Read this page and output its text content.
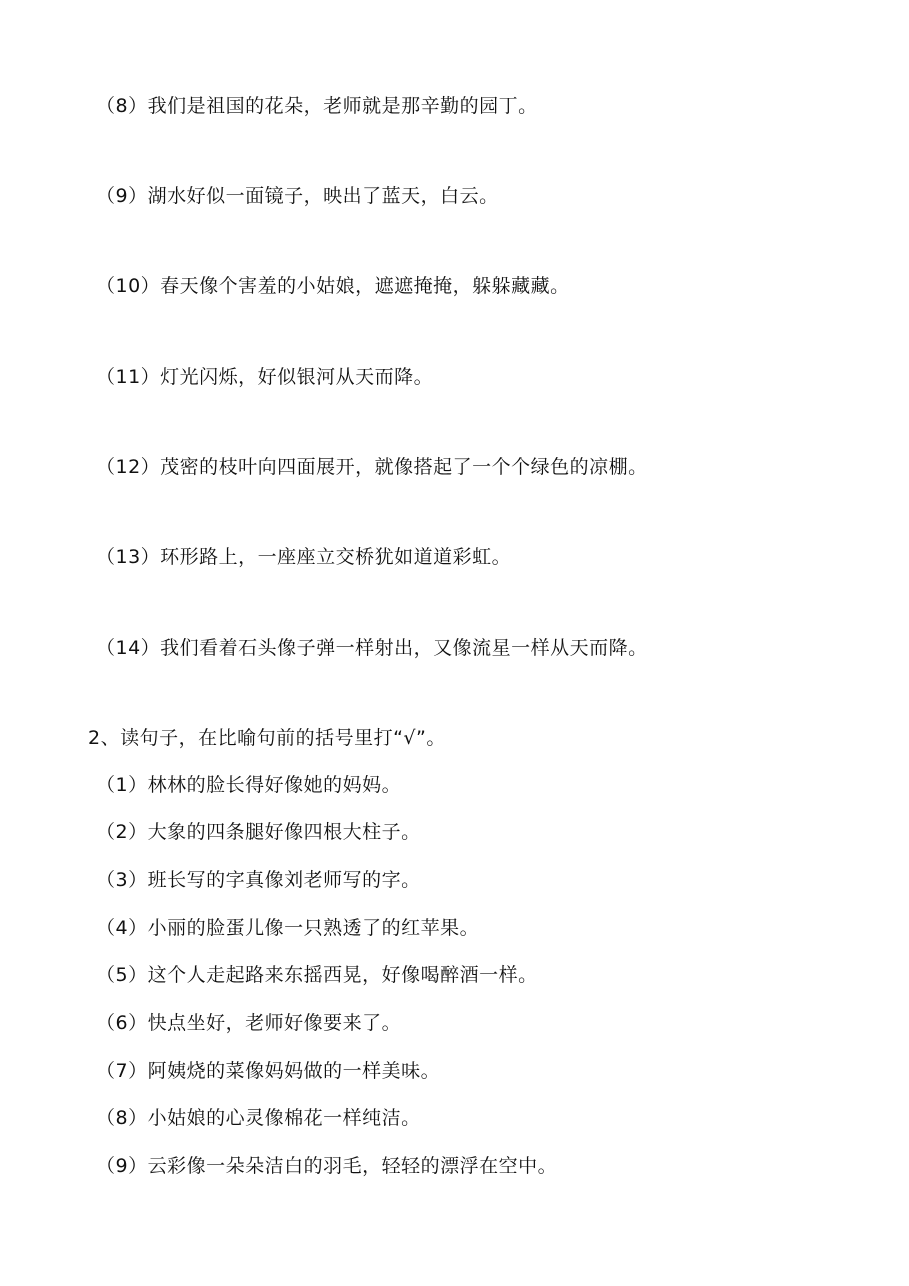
（8）我们是祖国的花朵，老师就是那辛勤的园丁。
（9）湖水好似一面镜子，映出了蓝天，白云。
（10）春天像个害羞的小姑娘，遮遮掩掩，躲躲藏藏。
（11）灯光闪烁，好似银河从天而降。
（12）茂密的枝叶向四面展开，就像搭起了一个个绿色的凉棚。
（13）环形路上，一座座立交桥犹如道道彩虹。
（14）我们看着石头像子弹一样射出，又像流星一样从天而降。
2、读句子，在比喻句前的括号里打“√”。
（1）林林的脸长得好像她的妈妈。
（2）大象的四条腿好像四根大柱子。
（3）班长写的字真像刘老师写的字。
（4）小丽的脸蛋儿像一只熟透了的红苹果。
（5）这个人走起路来东摇西晃，好像喝醉酒一样。
（6）快点坐好，老师好像要来了。
（7）阿姨烧的菜像妈妈做的一样美味。
（8）小姑娘的心灵像棉花一样纯洁。
（9）云彩像一朵朵洁白的羽毛，轻轻的漂浮在空中。
